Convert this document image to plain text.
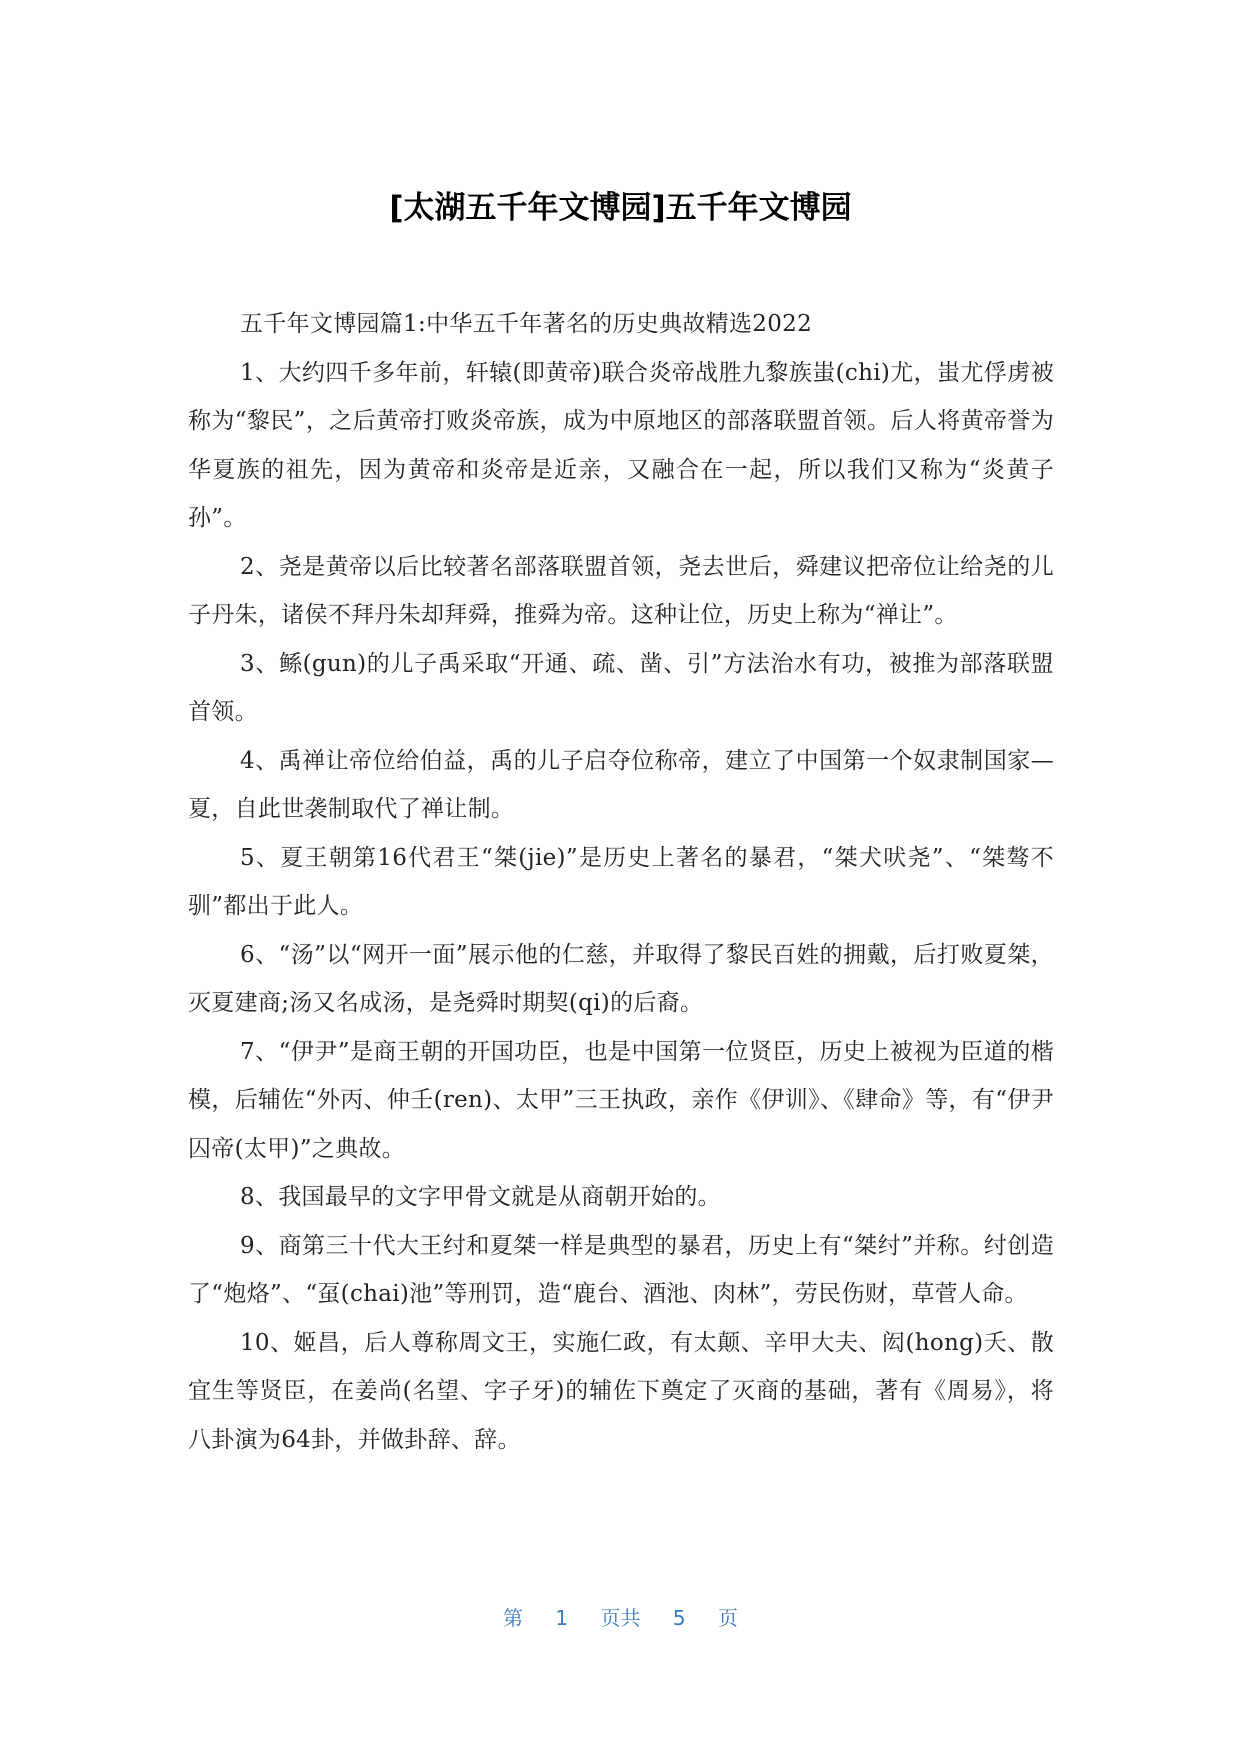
[太湖五千年文博园]五千年文博园

五千年文博园篇1:中华五千年著名的历史典故精选2022

1、大约四千多年前，轩辕(即黄帝)联合炎帝战胜九黎族蚩(chi)尤，蚩尤俘虏被称为“黎民”，之后黄帝打败炎帝族，成为中原地区的部落联盟首领。后人将黄帝誉为华夏族的祖先，因为黄帝和炎帝是近亲，又融合在一起，所以我们又称为“炎黄子孙”。

2、尧是黄帝以后比较著名部落联盟首领，尧去世后，舜建议把帝位让给尧的儿子丹朱，诸侯不拜丹朱却拜舜，推舜为帝。这种让位，历史上称为“禅让”。

3、鲧(gun)的儿子禹采取“开通、疏、凿、引”方法治水有功，被推为部落联盟首领。

4、禹禅让帝位给伯益，禹的儿子启夺位称帝，建立了中国第一个奴隶制国家—夏，自此世袭制取代了禅让制。

5、夏王朝第16代君王“桀(jie)”是历史上著名的暴君，“桀犬吠尧”、“桀骜不驯”都出于此人。

6、“汤”以“网开一面”展示他的仁慈，并取得了黎民百姓的拥戴，后打败夏桀，灭夏建商;汤又名成汤，是尧舜时期契(qi)的后裔。

7、“伊尹”是商王朝的开国功臣，也是中国第一位贤臣，历史上被视为臣道的楷模，后辅佐“外丙、仲壬(ren)、太甲”三王执政，亲作《伊训》、《肆命》等，有“伊尹囚帝(太甲)”之典故。

8、我国最早的文字甲骨文就是从商朝开始的。

9、商第三十代大王纣和夏桀一样是典型的暴君，历史上有“桀纣”并称。纣创造了“炮烙”、“虿(chai)池”等刑罚，造“鹿台、酒池、肉林”，劳民伤财，草菅人命。

10、姬昌，后人尊称周文王，实施仁政，有太颠、辛甲大夫、闳(hong)夭、散宜生等贤臣，在姜尚(名望、字子牙)的辅佐下奠定了灭商的基础，著有《周易》，将八卦演为64卦，并做卦辞、辞。

第 1 页共 5 页
